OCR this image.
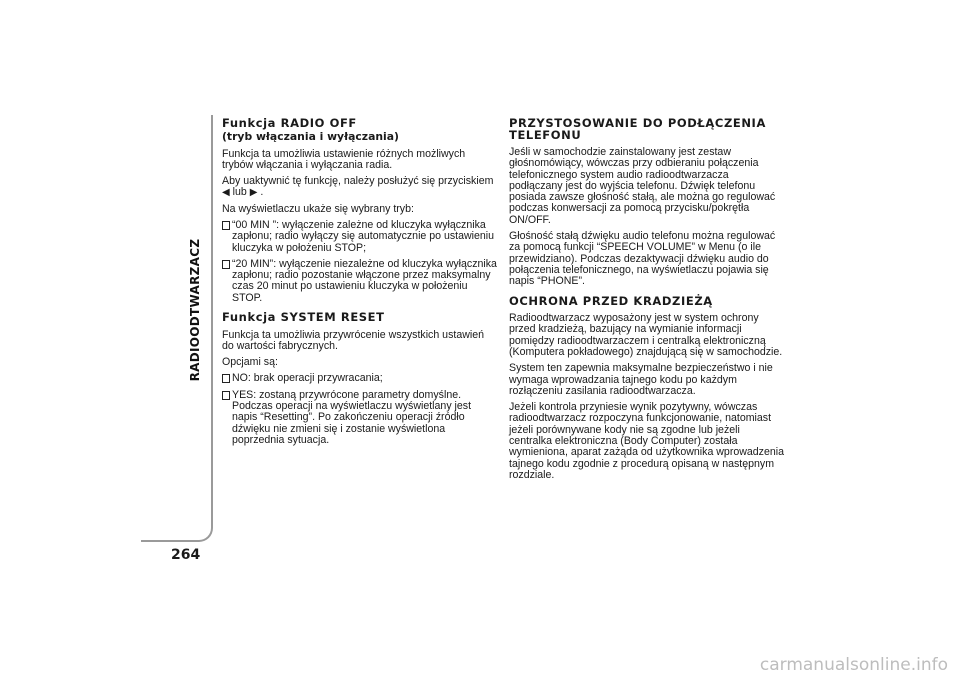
RADIOODTWARZACZ
264
Funkcja RADIO OFF
(tryb włączania i wyłączania)

Funkcja ta umożliwia ustawienie różnych możliwych trybów włączania i wyłączania radia.

Aby uaktywnić tę funkcję, należy posłużyć się przyciskiem
◀ lub ▶ .

Na wyświetlaczu ukaże się wybrany tryb:

“00 MIN ”: wyłączenie zależne od kluczyka wyłącznika zapłonu; radio wyłączy się automatycznie po ustawieniu kluczyka w położeniu STOP;
“20 MIN”: wyłączenie niezależne od kluczyka wyłącznika zapłonu; radio pozostanie włączone przez maksymalny czas 20 minut po ustawieniu kluczyka w położeniu STOP.
Funkcja SYSTEM RESET

Funkcja ta umożliwia przywrócenie wszystkich ustawień do wartości fabrycznych.

Opcjami są:

NO: brak operacji przywracania;
YES: zostaną przywrócone parametry domyślne. Podczas operacji na wyświetlaczu wyświetlany jest napis “Resetting”. Po zakończeniu operacji źródło dźwięku nie zmieni się i zostanie wyświetlona poprzednia sytuacja.
PRZYSTOSOWANIE DO PODŁĄCZENIA TELEFONU

Jeśli w samochodzie zainstalowany jest zestaw głośnomówiący, wówczas przy odbieraniu połączenia telefonicznego system audio radioodtwarzacza podłączany jest do wyjścia telefonu. Dźwięk telefonu posiada zawsze głośność stałą, ale można go regulować podczas konwersacji za pomocą przycisku/pokrętła ON/OFF.

Głośność stałą dźwięku audio telefonu można regulować za pomocą funkcji “SPEECH VOLUME” w Menu (o ile przewidziano). Podczas dezaktywacji dźwięku audio do połączenia telefonicznego, na wyświetlaczu pojawia się napis “PHONE”.

OCHRONA PRZED KRADZIEŻĄ

Radioodtwarzacz wyposażony jest w system ochrony przed kradzieżą, bazujący na wymianie informacji pomiędzy radioodtwarzaczem i centralką elektroniczną (Komputera pokładowego) znajdującą się w samochodzie.

System ten zapewnia maksymalne bezpieczeństwo i nie wymaga wprowadzania tajnego kodu po każdym rozłączeniu zasilania radioodtwarzacza.

Jeżeli kontrola przyniesie wynik pozytywny, wówczas radioodtwarzacz rozpoczyna funkcjonowanie, natomiast jeżeli porównywane kody nie są zgodne lub jeżeli centralka elektroniczna (Body Computer) została wymieniona, aparat zażąda od użytkownika wprowadzenia tajnego kodu zgodnie z procedurą opisaną w następnym rozdziale.

carmanualsonline.info
